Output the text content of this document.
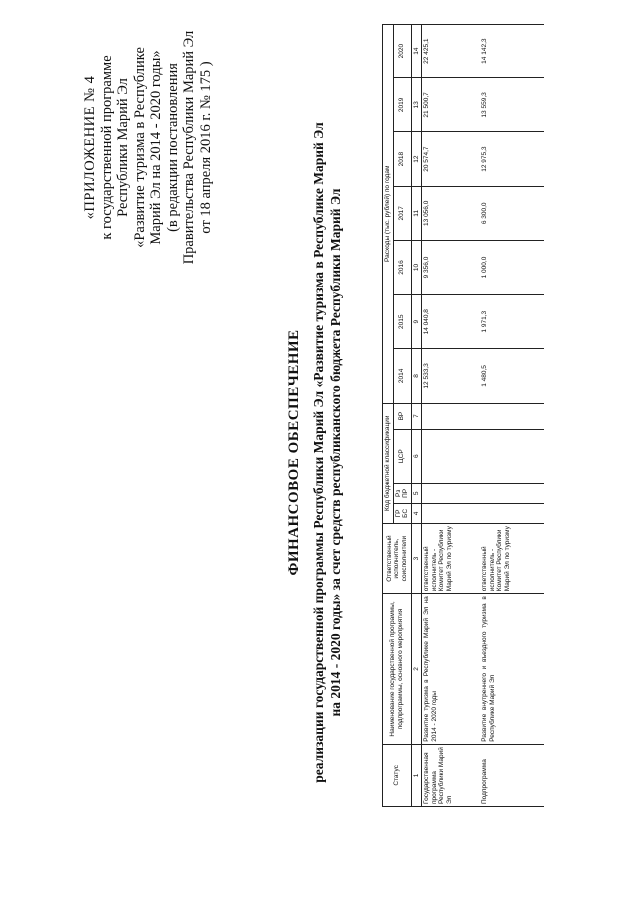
«ПРИЛОЖЕНИЕ № 4 к государственной программе Республики Марий Эл «Развитие туризма в Республике Марий Эл на 2014 - 2020 годы» (в редакции постановления Правительства Республики Марий Эл от 18 апреля 2016 г. № 175 )
ФИНАНСОВОЕ ОБЕСПЕЧЕНИЕ реализации государственной программы Республики Марий Эл «Развитие туризма в Республике Марий Эл на 2014 - 2020 годы» за счет средств республиканского бюджета Республики Марий Эл
Статус	Наименование государственной программы, подпрограммы, основного мероприятия	Ответственный исполнитель, соисполнители	Код бюджетной классификации				Расходы (тыс. рублей) по годам						
			ГР БС	Рз ПР	ЦСР	ВР	2014	2015	2016	2017	2018	2019	2020
1	2	3	4	5	6	7	8	9	10	11	12	13	14
Государственная программа Республики Марий Эл	Развитие туризма в Республике Марий Эл на 2014 - 2020 годы	ответственный исполнитель - Комитет Республики Марий Эл по туризму					12 533,3	14 040,8	9 356,0	13 056,0	20 574,7	21 500,7	22 425,1
Подпрограмма	Развитие внутреннего и въездного туризма в Республике Марий Эл	ответственный исполнитель - Комитет Республики Марий Эл по туризму					1 480,5	1 971,3	1 000,0	6 300,0	12 975,3	13 559,3	14 142,3
